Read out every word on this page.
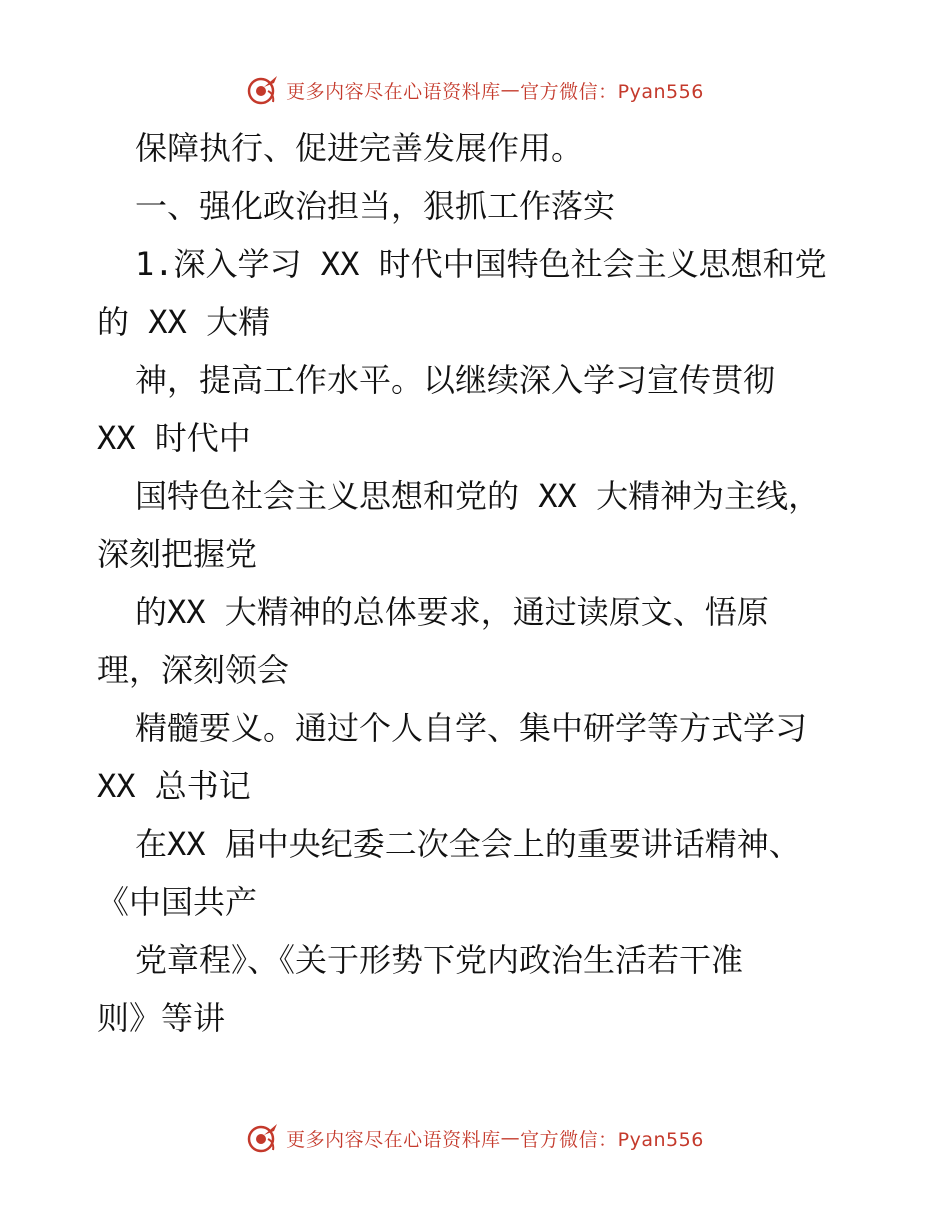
更多内容尽在心语资料库 — 官方微信：Pyan556
保障执行、促进完善发展作用。
一、强化政治担当，狠抓工作落实
1.深入学习 XX 时代中国特色社会主义思想和党
的 XX 大精
神，提高工作水平。以继续深入学习宣传贯彻
XX 时代中
国特色社会主义思想和党的 XX 大精神为主线，
深刻把握党
的XX 大精神的总体要求，通过读原文、悟原
理，深刻领会
精髓要义。通过个人自学、集中研学等方式学习
XX 总书记
在XX 届中央纪委二次全会上的重要讲话精神、
《中国共产
党章程》、《关于形势下党内政治生活若干准
则》等讲
更多内容尽在心语资料库 — 官方微信：Pyan556
